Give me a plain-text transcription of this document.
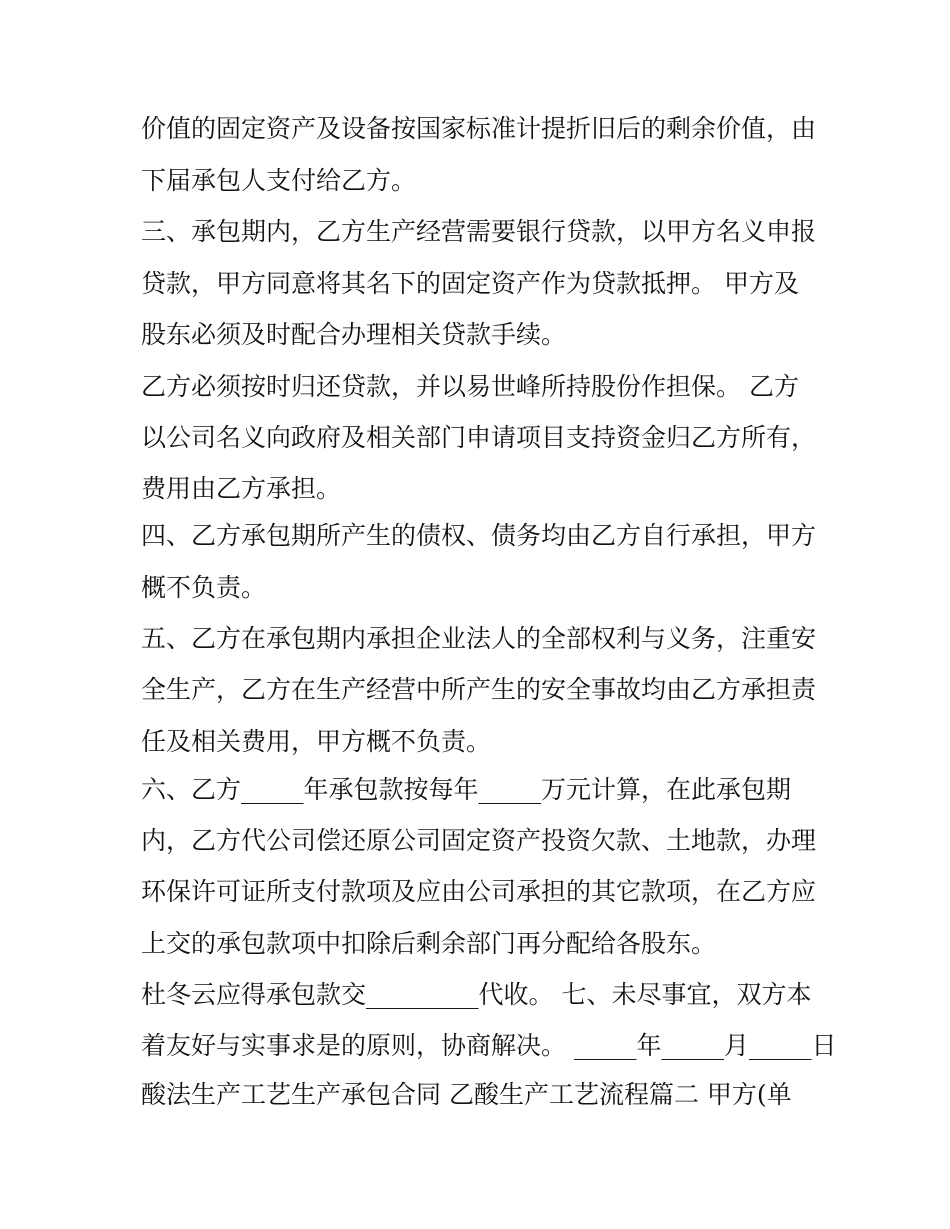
价值的固定资产及设备按国家标准计提折旧后的剩余价值，由

下届承包人支付给乙方。

三、承包期内，乙方生产经营需要银行贷款，以甲方名义申报

贷款，甲方同意将其名下的固定资产作为贷款抵押。 甲方及

股东必须及时配合办理相关贷款手续。

乙方必须按时归还贷款，并以易世峰所持股份作担保。 乙方

以公司名义向政府及相关部门申请项目支持资金归乙方所有，

费用由乙方承担。

四、乙方承包期所产生的债权、债务均由乙方自行承担，甲方

概不负责。

五、乙方在承包期内承担企业法人的全部权利与义务，注重安

全生产，乙方在生产经营中所产生的安全事故均由乙方承担责

任及相关费用，甲方概不负责。

六、乙方_____年承包款按每年_____万元计算，在此承包期

内，乙方代公司偿还原公司固定资产投资欠款、土地款，办理

环保许可证所支付款项及应由公司承担的其它款项，在乙方应

上交的承包款项中扣除后剩余部门再分配给各股东。

杜冬云应得承包款交_________代收。 七、未尽事宜，双方本

着友好与实事求是的原则，协商解决。 _____年_____月_____日

酸法生产工艺生产承包合同 乙酸生产工艺流程篇二 甲方(单
